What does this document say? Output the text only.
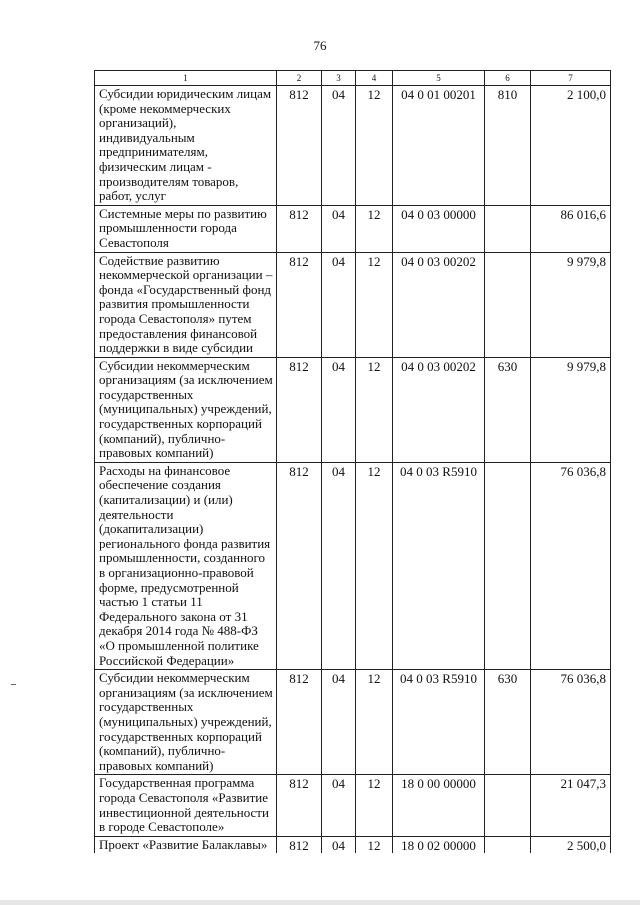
76
1	2	3	4	5	6	7
Субсидии юридическим лицам (кроме некоммерческих организаций), индивидуальным предпринимателям, физическим лицам - производителям товаров, работ, услуг	812	04	12	04 0 01 00201	810	2 100,0
Системные меры по развитию промышленности города Севастополя	812	04	12	04 0 03 00000		86 016,6
Содействие развитию некоммерческой организации – фонда «Государственный фонд развития промышленности города Севастополя» путем предоставления финансовой поддержки в виде субсидии	812	04	12	04 0 03 00202		9 979,8
Субсидии некоммерческим организациям (за исключением государственных (муниципальных) учреждений, государственных корпораций (компаний), публично-правовых компаний)	812	04	12	04 0 03 00202	630	9 979,8
Расходы на финансовое обеспечение создания (капитализации) и (или) деятельности (докапитализации) регионального фонда развития промышленности, созданного в организационно-правовой форме, предусмотренной частью 1 статьи 11 Федерального закона от 31 декабря 2014 года № 488-ФЗ «О промышленной политике Российской Федерации»	812	04	12	04 0 03 R5910		76 036,8
Субсидии некоммерческим организациям (за исключением государственных (муниципальных) учреждений, государственных корпораций (компаний), публично-правовых компаний)	812	04	12	04 0 03 R5910	630	76 036,8
Государственная программа города Севастополя «Развитие инвестиционной деятельности в городе Севастополе»	812	04	12	18 0 00 00000		21 047,3
Проект «Развитие Балаклавы»	812	04	12	18 0 02 00000		2 500,0
